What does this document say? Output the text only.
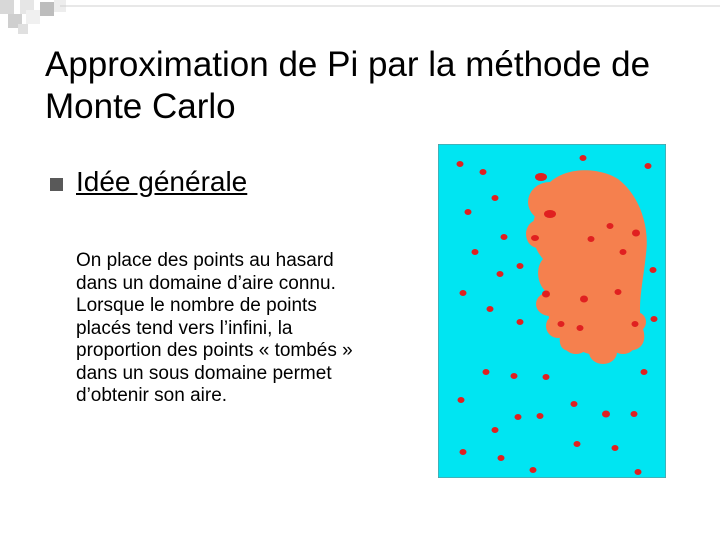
Approximation de Pi par la méthode de Monte Carlo
Idée générale
On place des points au hasard dans un domaine d’aire connu. Lorsque le nombre de points placés tend vers l’infini, la proportion des points « tombés » dans un sous domaine permet d’obtenir son aire.
